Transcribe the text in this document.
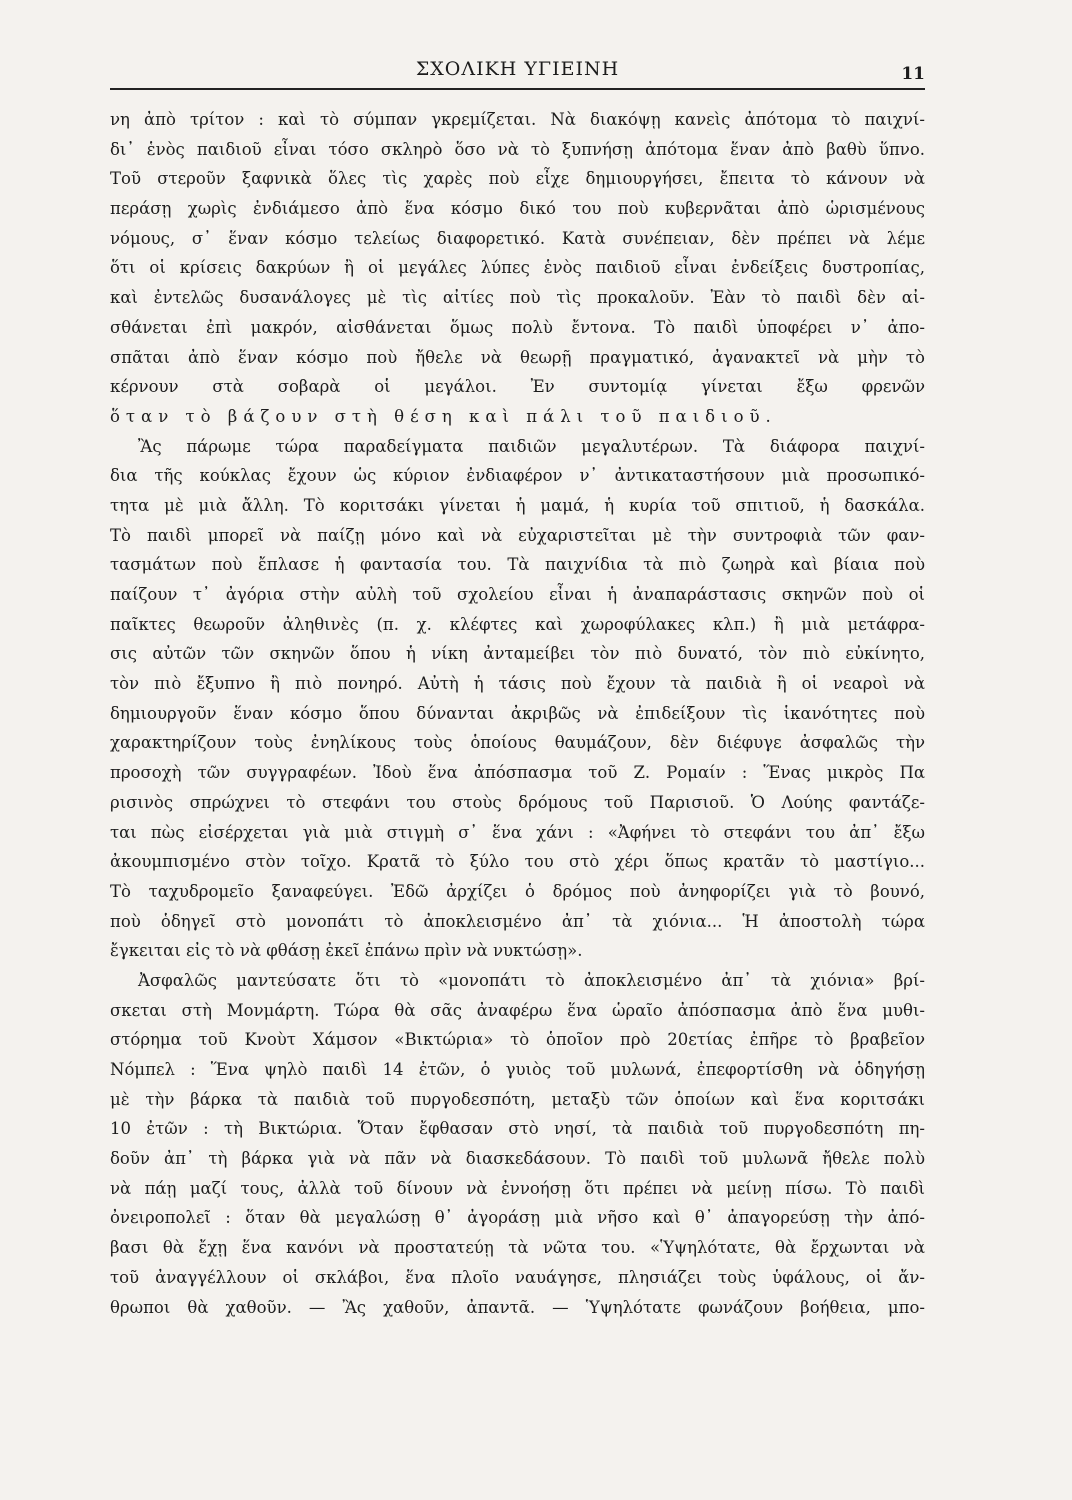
ΣΧΟΛΙΚΗ ΥΓΙΕΙΝΗ	11
νη ἀπὸ τρίτον : καὶ τὸ σύμπαν γκρεμίζεται. Νὰ διακόψῃ κανεὶς ἀπότομα τὸ παιχνί-
δι᾽ ἑνὸς παιδιοῦ εἶναι τόσο σκληρὸ ὅσο νὰ τὸ ξυπνήσῃ ἀπότομα ἕναν ἀπὸ βαθὺ ὕπνο.
Τοῦ στεροῦν ξαφνικὰ ὅλες τὶς χαρὲς ποὺ εἶχε δημιουργήσει, ἔπειτα τὸ κάνουν νὰ
περάσῃ χωρὶς ἐνδιάμεσο ἀπὸ ἕνα κόσμο δικό του ποὺ κυβερνᾶται ἀπὸ ὡρισμένους
νόμους, σ᾽ ἕναν κόσμο τελείως διαφορετικό. Κατὰ συνέπειαν, δὲν πρέπει νὰ λέμε
ὅτι οἱ κρίσεις δακρύων ἢ οἱ μεγάλες λύπες ἑνὸς παιδιοῦ εἶναι ἐνδείξεις δυστροπίας,
καὶ ἐντελῶς δυσανάλογες μὲ τὶς αἰτίες ποὺ τὶς προκαλοῦν. Ἐὰν τὸ παιδὶ δὲν αἰ-
σθάνεται ἐπὶ μακρόν, αἰσθάνεται ὅμως πολὺ ἔντονα. Τὸ παιδὶ ὑποφέρει ν᾽ ἀπο-
σπᾶται ἀπὸ ἕναν κόσμο ποὺ ἤθελε νὰ θεωρῇ πραγματικό, ἀγανακτεῖ νὰ μὴν τὸ
κέρνουν στὰ σοβαρὰ οἱ μεγάλοι. Ἐν συντομίᾳ γίνεται ἔξω φρενῶν
ὅταν τὸ βάζουν στὴ θέση καὶ πάλι τοῦ παιδιοῦ.
Ἂς πάρωμε τώρα παραδείγματα παιδιῶν μεγαλυτέρων. Τὰ διάφορα παιχνί-
δια τῆς κούκλας ἔχουν ὡς κύριον ἐνδιαφέρον ν᾽ ἀντικαταστήσουν μιὰ προσωπικό-
τητα μὲ μιὰ ἄλλη. Τὸ κοριτσάκι γίνεται ἡ μαμά, ἡ κυρία τοῦ σπιτιοῦ, ἡ δασκάλα.
Τὸ παιδὶ μπορεῖ νὰ παίζῃ μόνο καὶ νὰ εὐχαριστεῖται μὲ τὴν συντροφιὰ τῶν φαν-
τασμάτων ποὺ ἔπλασε ἡ φαντασία του. Τὰ παιχνίδια τὰ πιὸ ζωηρὰ καὶ βίαια ποὺ
παίζουν τ᾽ ἀγόρια στὴν αὐλὴ τοῦ σχολείου εἶναι ἡ ἀναπαράστασις σκηνῶν ποὺ οἱ
παῖκτες θεωροῦν ἀληθινὲς (π. χ. κλέφτες καὶ χωροφύλακες κλπ.) ἢ μιὰ μετάφρα-
σις αὐτῶν τῶν σκηνῶν ὅπου ἡ νίκη ἀνταμείβει τὸν πιὸ δυνατό, τὸν πιὸ εὐκίνητο,
τὸν πιὸ ἔξυπνο ἢ πιὸ πονηρό. Αὐτὴ ἡ τάσις ποὺ ἔχουν τὰ παιδιὰ ἢ οἱ νεαροὶ νὰ
δημιουργοῦν ἕναν κόσμο ὅπου δύνανται ἀκριβῶς νὰ ἐπιδείξουν τὶς ἱκανότητες ποὺ
χαρακτηρίζουν τοὺς ἐνηλίκους τοὺς ὁποίους θαυμάζουν, δὲν διέφυγε ἀσφαλῶς τὴν
προσοχὴ τῶν συγγραφέων. Ἰδοὺ ἕνα ἀπόσπασμα τοῦ Ζ. Ρομαίν : Ἕνας μικρὸς Πα
ρισινὸς σπρώχνει τὸ στεφάνι του στοὺς δρόμους τοῦ Παρισιοῦ. Ὁ Λούης φαντάζε-
ται πὼς εἰσέρχεται γιὰ μιὰ στιγμὴ σ᾽ ἕνα χάνι : «Ἀφήνει τὸ στεφάνι του ἀπ᾽ ἔξω
ἀκουμπισμένο στὸν τοῖχο. Κρατᾶ τὸ ξύλο του στὸ χέρι ὅπως κρατᾶν τὸ μαστίγιο...
Τὸ ταχυδρομεῖο ξαναφεύγει. Ἐδῶ ἀρχίζει ὁ δρόμος ποὺ ἀνηφορίζει γιὰ τὸ βουνό,
ποὺ ὁδηγεῖ στὸ μονοπάτι τὸ ἀποκλεισμένο ἀπ᾽ τὰ χιόνια... Ἡ ἀποστολὴ τώρα
ἔγκειται εἰς τὸ νὰ φθάσῃ ἐκεῖ ἐπάνω πρὶν νὰ νυκτώσῃ».
Ἀσφαλῶς μαντεύσατε ὅτι τὸ «μονοπάτι τὸ ἀποκλεισμένο ἀπ᾽ τὰ χιόνια» βρί-
σκεται στὴ Μονμάρτη. Τώρα θὰ σᾶς ἀναφέρω ἕνα ὡραῖο ἀπόσπασμα ἀπὸ ἕνα μυθι-
στόρημα τοῦ Κνοὺτ Χάμσον «Βικτώρια» τὸ ὁποῖον πρὸ 20ετίας ἐπῆρε τὸ βραβεῖον
Νόμπελ : Ἕνα ψηλὸ παιδὶ 14 ἐτῶν, ὁ γυιὸς τοῦ μυλωνά, ἐπεφορτίσθη νὰ ὁδηγήσῃ
μὲ τὴν βάρκα τὰ παιδιὰ τοῦ πυργοδεσπότη, μεταξὺ τῶν ὁποίων καὶ ἕνα κοριτσάκι
10 ἐτῶν : τὴ Βικτώρια. Ὅταν ἔφθασαν στὸ νησί, τὰ παιδιὰ τοῦ πυργοδεσπότη πη-
δοῦν ἀπ᾽ τὴ βάρκα γιὰ νὰ πᾶν νὰ διασκεδάσουν. Τὸ παιδὶ τοῦ μυλωνᾶ ἤθελε πολὺ
νὰ πάῃ μαζί τους, ἀλλὰ τοῦ δίνουν νὰ ἐννοήσῃ ὅτι πρέπει νὰ μείνῃ πίσω. Τὸ παιδὶ
ὀνειροπολεῖ : ὅταν θὰ μεγαλώσῃ θ᾽ ἀγοράσῃ μιὰ νῆσο καὶ θ᾽ ἀπαγορεύσῃ τὴν ἀπό-
βασι θὰ ἔχῃ ἕνα κανόνι νὰ προστατεύῃ τὰ νῶτα του. «Ὑψηλότατε, θὰ ἔρχωνται νὰ
τοῦ ἀναγγέλλουν οἱ σκλάβοι, ἕνα πλοῖο ναυάγησε, πλησιάζει τοὺς ὑφάλους, οἱ ἄν-
θρωποι θὰ χαθοῦν. — Ἂς χαθοῦν, ἀπαντᾶ. — Ὑψηλότατε φωνάζουν βοήθεια, μπο-
